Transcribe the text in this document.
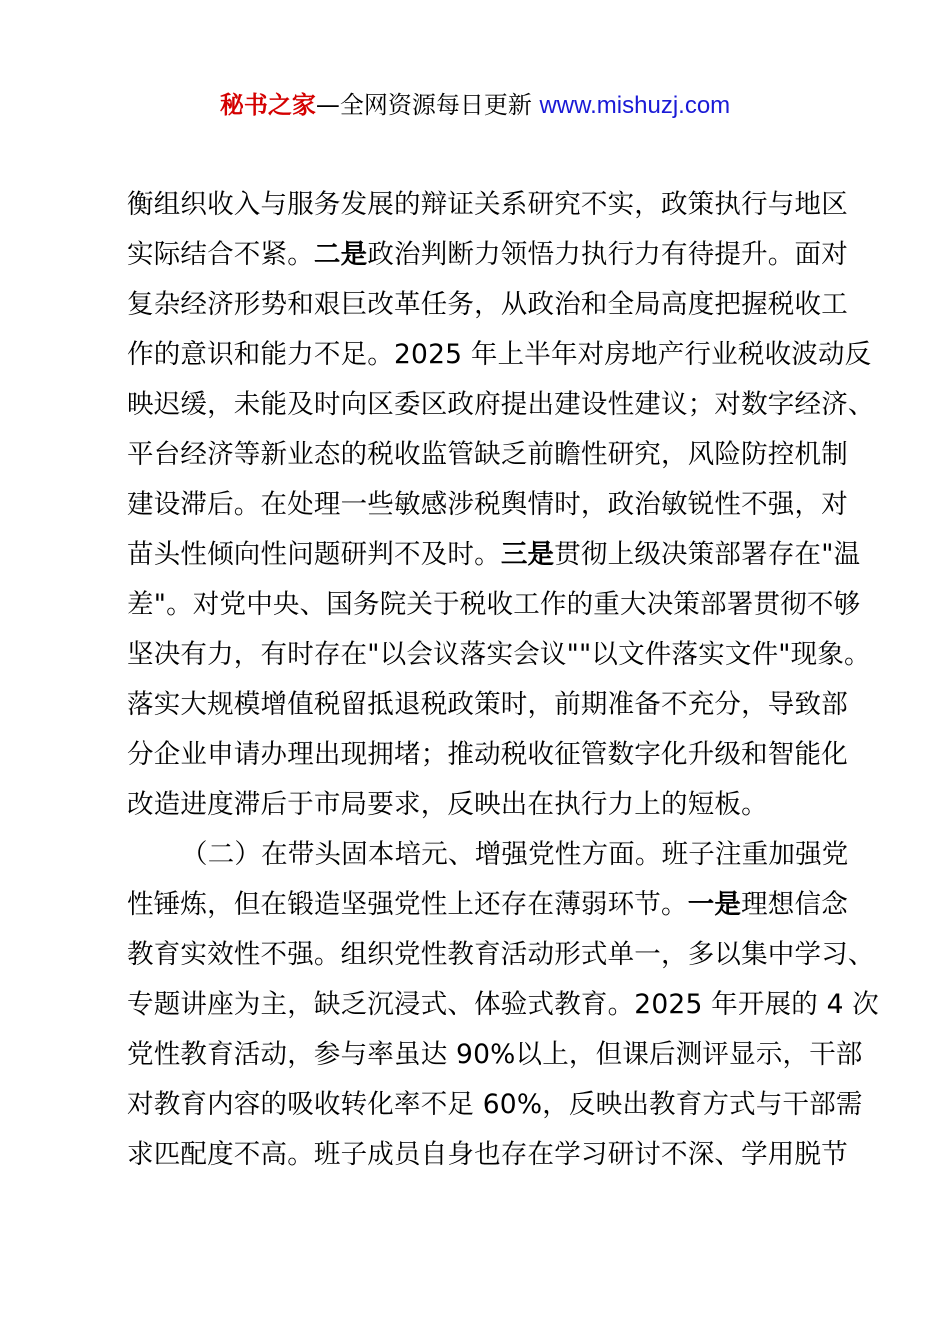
秘书之家—全网资源每日更新 www.mishuzj.com
衡组织收入与服务发展的辩证关系研究不实，政策执行与地区
实际结合不紧。二是政治判断力领悟力执行力有待提升。面对
复杂经济形势和艰巨改革任务，从政治和全局高度把握税收工
作的意识和能力不足。2025 年上半年对房地产行业税收波动反
映迟缓，未能及时向区委区政府提出建设性建议；对数字经济、
平台经济等新业态的税收监管缺乏前瞻性研究，风险防控机制
建设滞后。在处理一些敏感涉税舆情时，政治敏锐性不强，对
苗头性倾向性问题研判不及时。三是贯彻上级决策部署存在"温
差"。对党中央、国务院关于税收工作的重大决策部署贯彻不够
坚决有力，有时存在"以会议落实会议""以文件落实文件"现象。
落实大规模增值税留抵退税政策时，前期准备不充分，导致部
分企业申请办理出现拥堵；推动税收征管数字化升级和智能化
改造进度滞后于市局要求，反映出在执行力上的短板。
（二）在带头固本培元、增强党性方面。班子注重加强党
性锤炼，但在锻造坚强党性上还存在薄弱环节。一是理想信念
教育实效性不强。组织党性教育活动形式单一，多以集中学习、
专题讲座为主，缺乏沉浸式、体验式教育。2025 年开展的 4 次
党性教育活动，参与率虽达 90%以上，但课后测评显示，干部
对教育内容的吸收转化率不足 60%，反映出教育方式与干部需
求匹配度不高。班子成员自身也存在学习研讨不深、学用脱节
